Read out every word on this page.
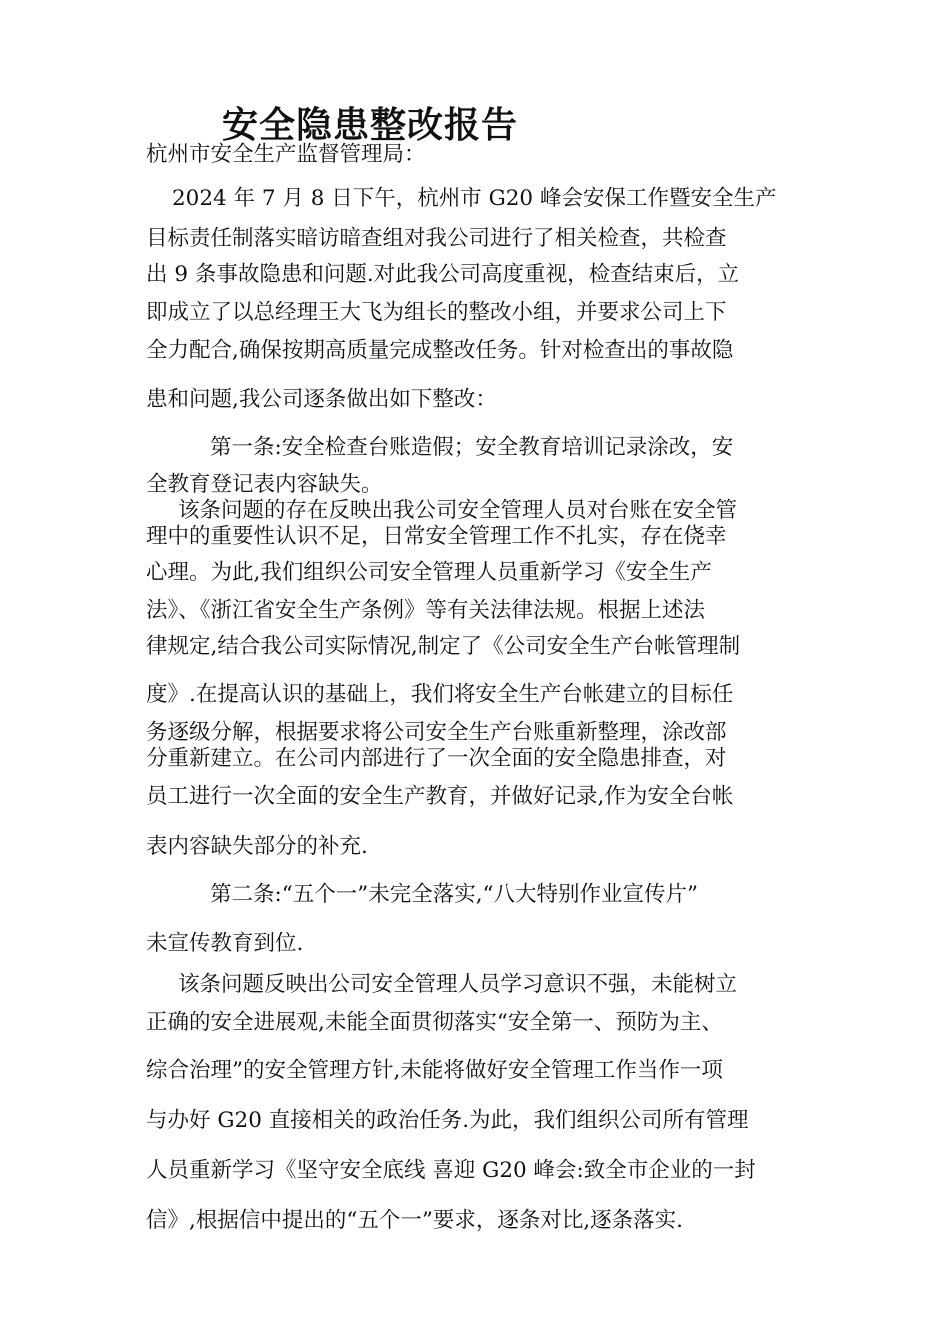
安全隐患整改报告
杭州市安全生产监督管理局：
2024 年 7 月 8 日下午，杭州市 G20 峰会安保工作暨安全生产
目标责任制落实暗访暗查组对我公司进行了相关检查，共检查
出 9 条事故隐患和问题.对此我公司高度重视，检查结束后，立
即成立了以总经理王大飞为组长的整改小组，并要求公司上下
全力配合,确保按期高质量完成整改任务。针对检查出的事故隐
患和问题,我公司逐条做出如下整改：
第一条:安全检查台账造假；安全教育培训记录涂改，安
全教育登记表内容缺失。
该条问题的存在反映出我公司安全管理人员对台账在安全管
理中的重要性认识不足，日常安全管理工作不扎实，存在侥幸
心理。为此,我们组织公司安全管理人员重新学习《安全生产
法》、《浙江省安全生产条例》等有关法律法规。根据上述法
律规定,结合我公司实际情况,制定了《公司安全生产台帐管理制
度》.在提高认识的基础上，我们将安全生产台帐建立的目标任
务逐级分解，根据要求将公司安全生产台账重新整理，涂改部
分重新建立。在公司内部进行了一次全面的安全隐患排查，对
员工进行一次全面的安全生产教育，并做好记录,作为安全台帐
表内容缺失部分的补充.
第二条:“五个一”未完全落实,“八大特别作业宣传片”
未宣传教育到位.
该条问题反映出公司安全管理人员学习意识不强，未能树立
正确的安全进展观,未能全面贯彻落实“安全第一、预防为主、
综合治理”的安全管理方针,未能将做好安全管理工作当作一项
与办好 G20 直接相关的政治任务.为此，我们组织公司所有管理
人员重新学习《坚守安全底线 喜迎 G20 峰会:致全市企业的一封
信》,根据信中提出的“五个一”要求，逐条对比,逐条落实.
